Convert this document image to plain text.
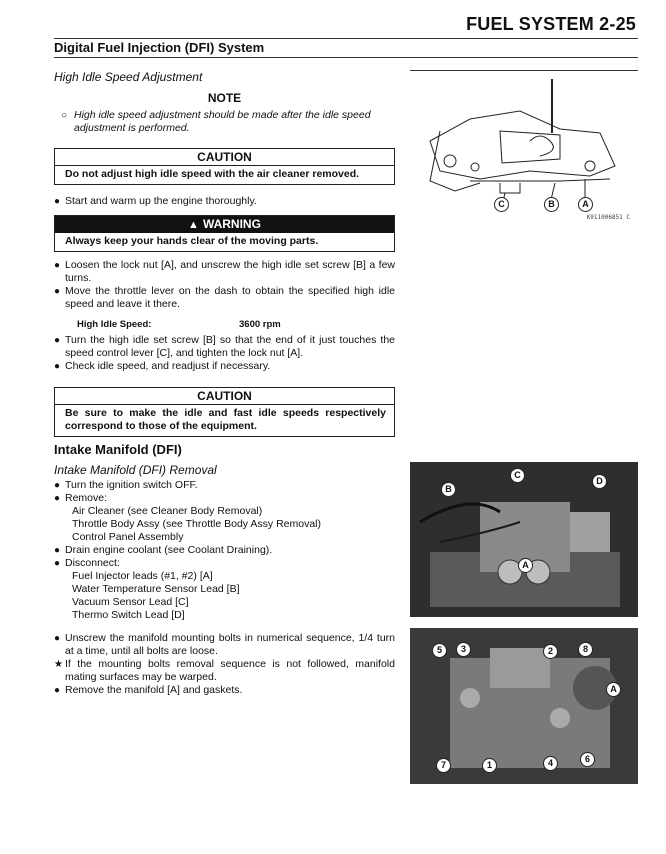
FUEL SYSTEM 2-25
Digital Fuel Injection (DFI) System
High Idle Speed Adjustment
NOTE
○ High idle speed adjustment should be made after the idle speed adjustment is performed.
CAUTION
Do not adjust high idle speed with the air cleaner removed.
● Start and warm up the engine thoroughly.
▲ WARNING
Always keep your hands clear of the moving parts.
● Loosen the lock nut [A], and unscrew the high idle set screw [B] a few turns.
● Move the throttle lever on the dash to obtain the specified high idle speed and leave it there.
High Idle Speed:	3600 rpm
● Turn the high idle set screw [B] so that the end of it just touches the speed control lever [C], and tighten the lock nut [A].
● Check idle speed, and readjust if necessary.
CAUTION
Be sure to make the idle and fast idle speeds respectively correspond to those of the equipment.
Intake Manifold (DFI)
Intake Manifold (DFI) Removal
● Turn the ignition switch OFF.
● Remove:
Air Cleaner (see Cleaner Body Removal)
Throttle Body Assy (see Throttle Body Assy Removal)
Control Panel Assembly
● Drain engine coolant (see Coolant Draining).
● Disconnect:
Fuel Injector leads (#1, #2) [A]
Water Temperature Sensor Lead [B]
Vacuum Sensor Lead [C]
Thermo Switch Lead [D]
● Unscrew the manifold mounting bolts in numerical sequence, 1/4 turn at a time, until all bolts are loose.
★ If the mounting bolts removal sequence is not followed, manifold mating surfaces may be warped.
● Remove the manifold [A] and gaskets.
C	B	A
K011006851 C
B
C
D
A
5	3	2	8
A
7	1	4	6
